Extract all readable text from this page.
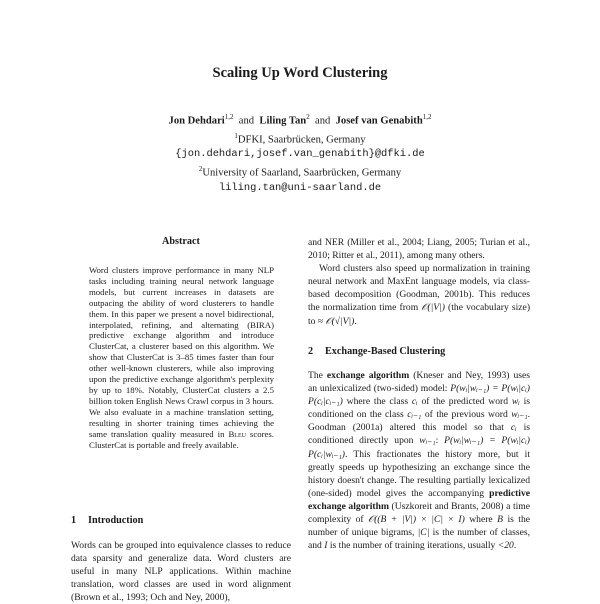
Scaling Up Word Clustering
Jon Dehdari$^{1,2}$ and Liling Tan$^2$ and Josef van Genabith$^{1,2}$
$^1$DFKI, Saarbrücken, Germany
{jon.dehdari,josef.van_genabith}@dfki.de
$^2$University of Saarland, Saarbrücken, Germany
liling.tan@uni-saarland.de
Abstract
Word clusters improve performance in many NLP tasks including training neural network language models, but current increases in datasets are outpacing the ability of word clusterers to handle them. In this paper we present a novel bidirectional, interpolated, refining, and alternating (BIRA) predictive exchange algorithm and introduce ClusterCat, a clusterer based on this algorithm. We show that ClusterCat is 3–85 times faster than four other well-known clusterers, while also improving upon the predictive exchange algorithm's perplexity by up to 18%. Notably, ClusterCat clusters a 2.5 billion token English News Crawl corpus in 3 hours. We also evaluate in a machine translation setting, resulting in shorter training times achieving the same translation quality measured in Bleu scores. ClusterCat is portable and freely available.
1 Introduction

Words can be grouped into equivalence classes to reduce data sparsity and generalize data. Word clusters are useful in many NLP applications. Within machine translation, word classes are used in word alignment (Brown et al., 1993; Och and Ney, 2000),

and NER (Miller et al., 2004; Liang, 2005; Turian et al., 2010; Ritter et al., 2011), among many others.

Word clusters also speed up normalization in training neural network and MaxEnt language models, via class-based decomposition (Goodman, 2001b). This reduces the normalization time from 𝒪(|V|) (the vocabulary size) to ≈ 𝒪(√|V|).

2 Exchange-Based Clustering

The exchange algorithm (Kneser and Ney, 1993) uses an unlexicalized (two-sided) model: P(wᵢ|wᵢ₋₁) = P(wᵢ|cᵢ) P(cᵢ|cᵢ₋₁) where the class cᵢ of the predicted word wᵢ is conditioned on the class cᵢ₋₁ of the previous word wᵢ₋₁. Goodman (2001a) altered this model so that cᵢ is conditioned directly upon wᵢ₋₁: P(wᵢ|wᵢ₋₁) = P(wᵢ|cᵢ) P(cᵢ|wᵢ₋₁). This fractionates the history more, but it greatly speeds up hypothesizing an exchange since the history doesn't change. The resulting partially lexicalized (one-sided) model gives the accompanying predictive exchange algorithm (Uszkoreit and Brants, 2008) a time complexity of 𝒪((B + |V|) × |C| × I) where B is the number of unique bigrams, |C| is the number of classes, and I is the number of training iterations, usually <20.
